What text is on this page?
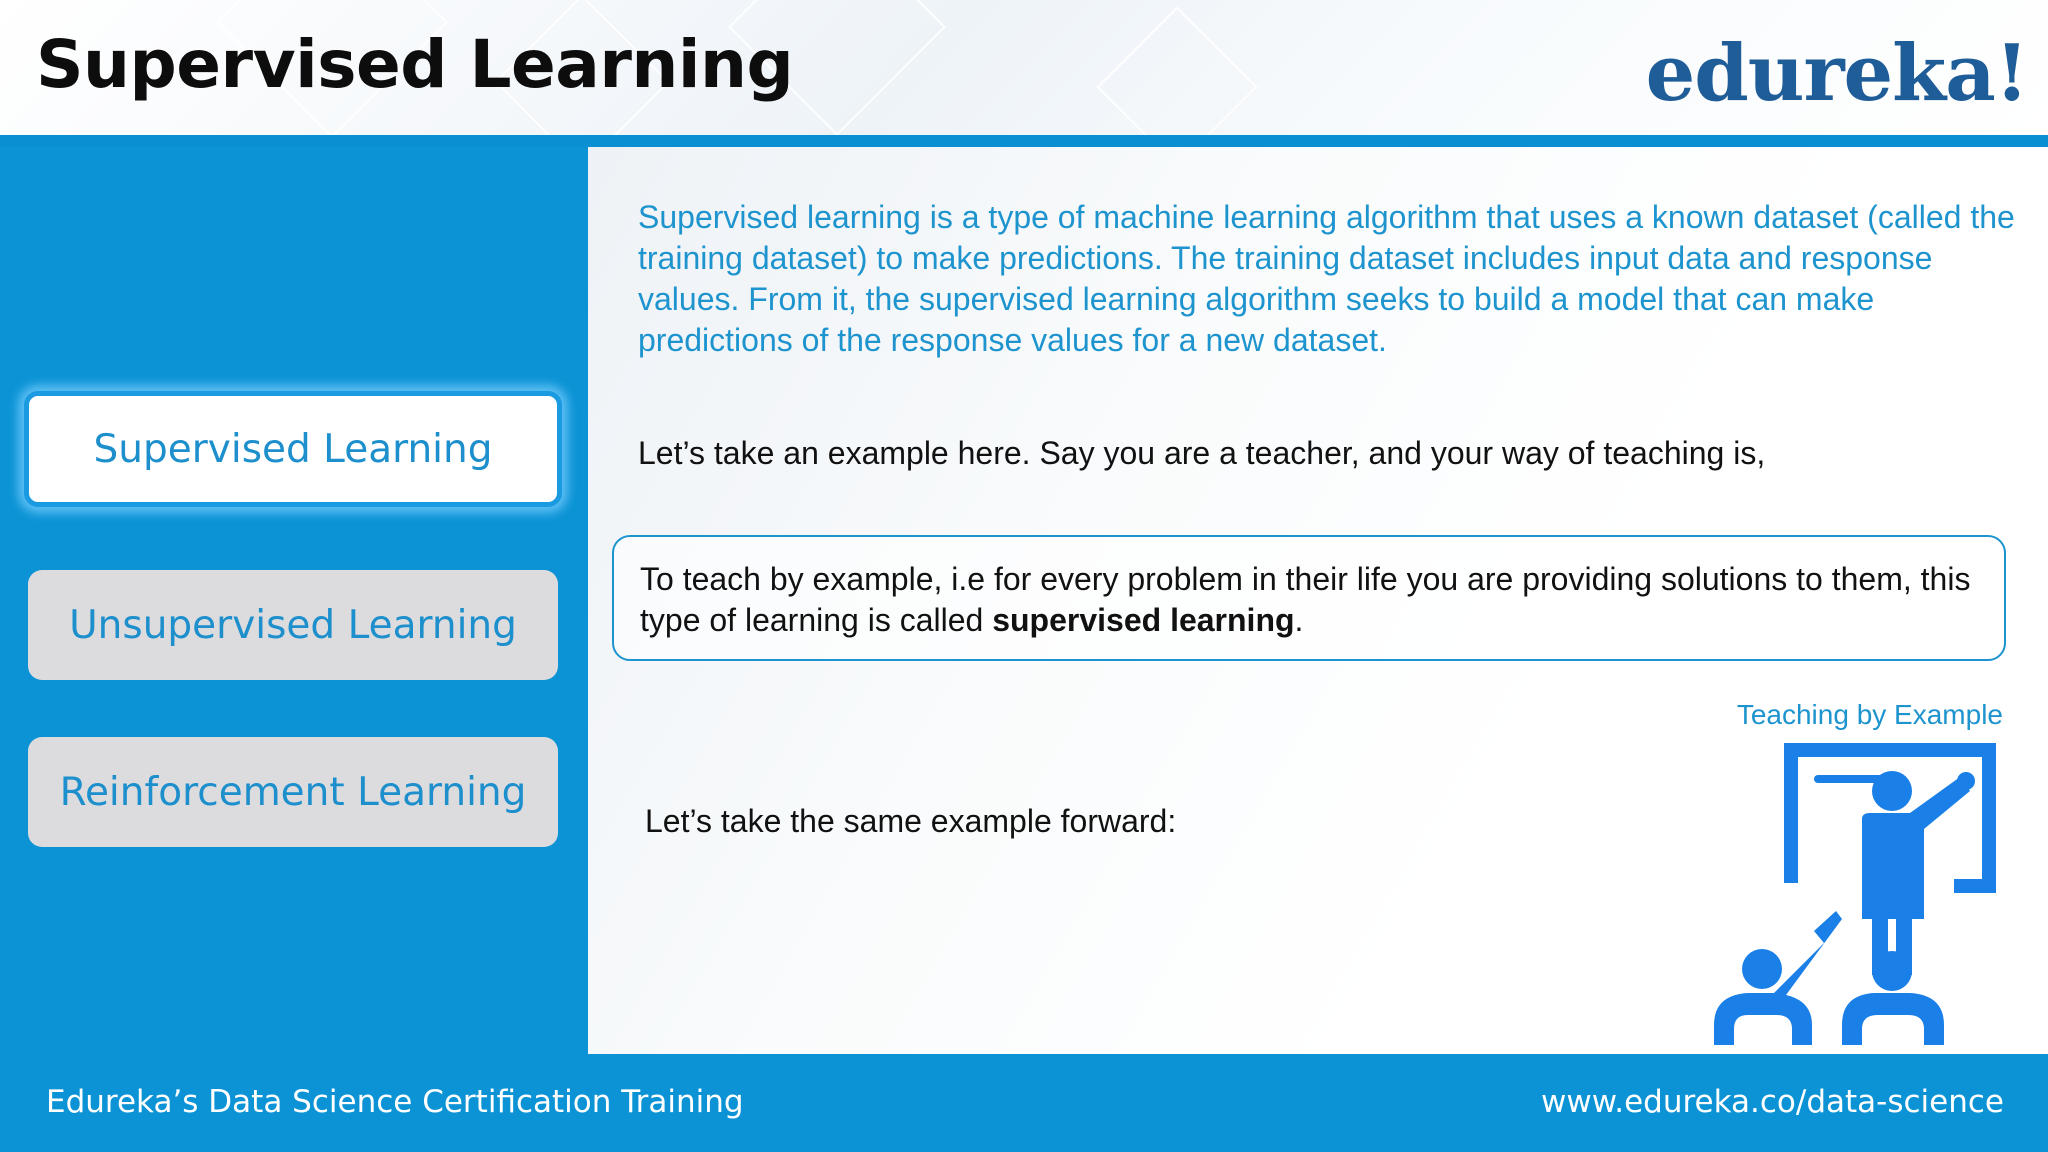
Supervised Learning	edureka!
Supervised Learning
Unsupervised Learning
Reinforcement Learning

Supervised learning is a type of machine learning algorithm that uses a known dataset (called the training dataset) to make predictions. The training dataset includes input data and response values. From it, the supervised learning algorithm seeks to build a model that can make predictions of the response values for a new dataset.

Let’s take an example here. Say you are a teacher, and your way of teaching is,

To teach by example, i.e for every problem in their life you are providing solutions to them, this type of learning is called supervised learning.
Teaching by Example
Let’s take the same example forward:
Edureka’s Data Science Certification Training	www.edureka.co/data-science
